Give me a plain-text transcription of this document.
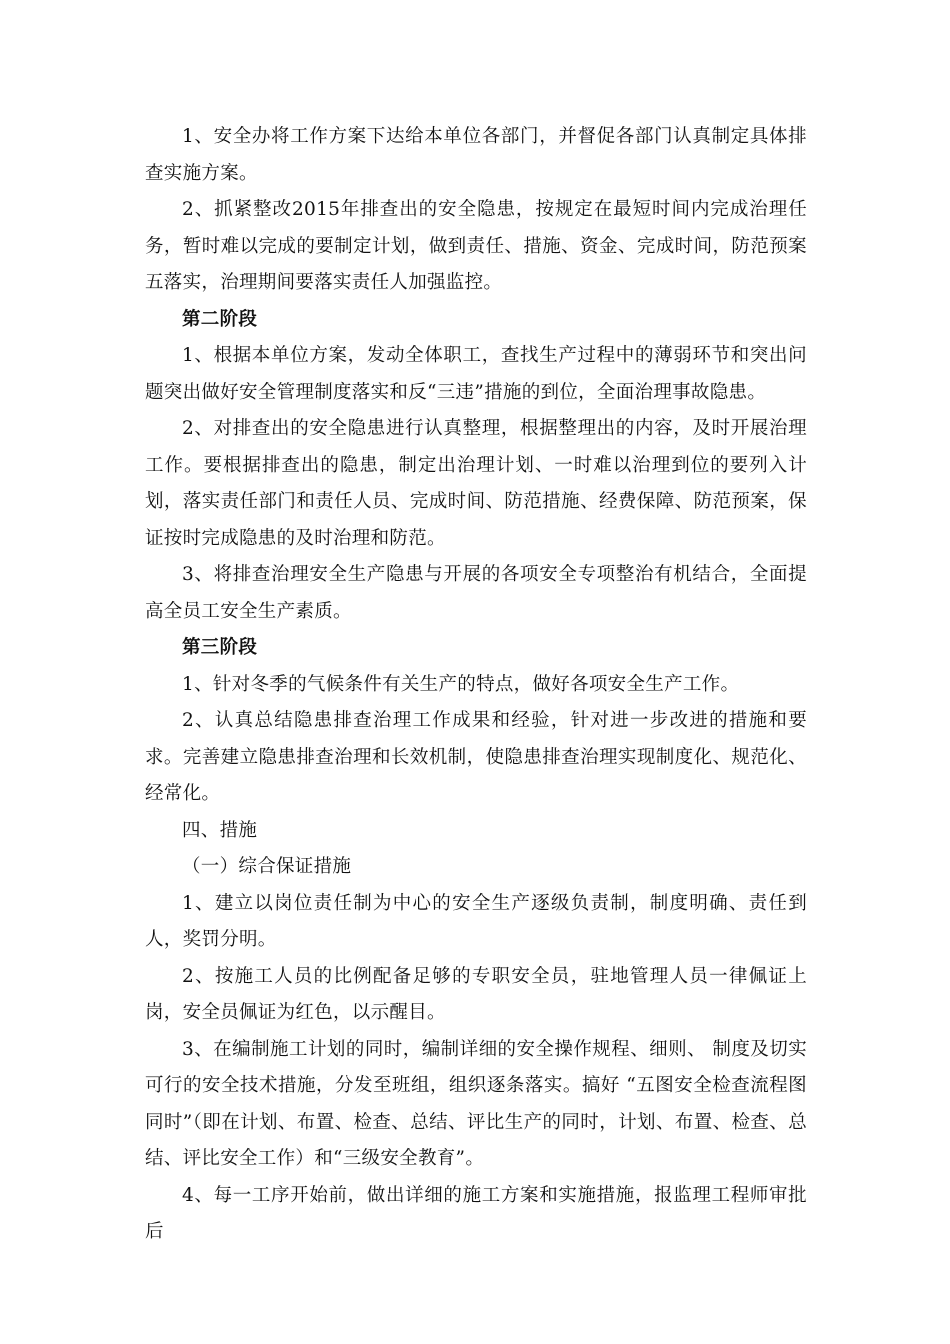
1、安全办将工作方案下达给本单位各部门，并督促各部门认真制定具体排查实施方案。

2、抓紧整改2015年排查出的安全隐患，按规定在最短时间内完成治理任务，暂时难以完成的要制定计划，做到责任、措施、资金、完成时间，防范预案五落实，治理期间要落实责任人加强监控。

第二阶段

1、根据本单位方案，发动全体职工，查找生产过程中的薄弱环节和突出问题突出做好安全管理制度落实和反“三违”措施的到位，全面治理事故隐患。

2、对排查出的安全隐患进行认真整理，根据整理出的内容，及时开展治理工作。要根据排查出的隐患，制定出治理计划、一时难以治理到位的要列入计划，落实责任部门和责任人员、完成时间、防范措施、经费保障、防范预案，保证按时完成隐患的及时治理和防范。

3、将排查治理安全生产隐患与开展的各项安全专项整治有机结合，全面提高全员工安全生产素质。

第三阶段

1、针对冬季的气候条件有关生产的特点，做好各项安全生产工作。

2、认真总结隐患排查治理工作成果和经验，针对进一步改进的措施和要求。完善建立隐患排查治理和长效机制，使隐患排查治理实现制度化、规范化、经常化。

四、措施

（一）综合保证措施

1、建立以岗位责任制为中心的安全生产逐级负责制，制度明确、责任到人，奖罚分明。

2、按施工人员的比例配备足够的专职安全员，驻地管理人员一律佩证上岗，安全员佩证为红色，以示醒目。

3、在编制施工计划的同时，编制详细的安全操作规程、细则、 制度及切实可行的安全技术措施，分发至班组，组织逐条落实。搞好 “五图安全检查流程图同时”（即在计划、布置、检查、总结、评比生产的同时，计划、布置、检查、总结、评比安全工作）和“三级安全教育”。

4、每一工序开始前，做出详细的施工方案和实施措施，报监理工程师审批后
